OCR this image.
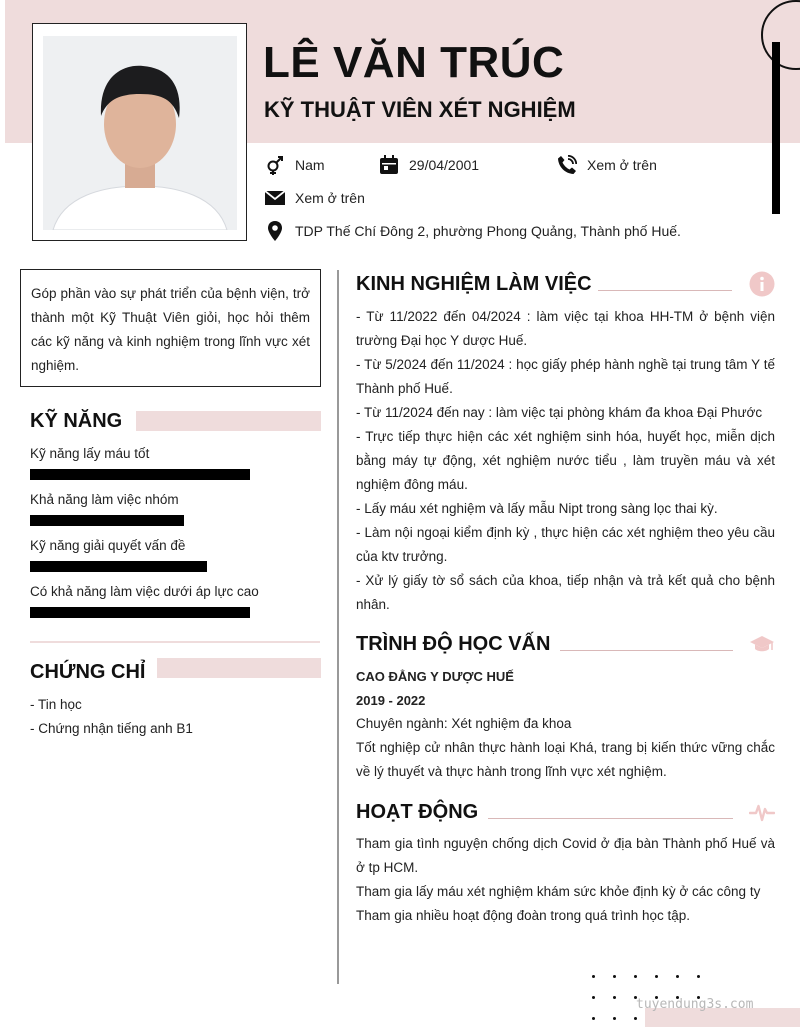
LÊ VĂN TRÚC
KỸ THUẬT VIÊN XÉT NGHIỆM
Nam	29/04/2001	Xem ở trên
Xem ở trên
TDP Thế Chí Đông 2, phường Phong Quảng, Thành phố Huế.
Góp phần vào sự phát triển của bệnh viện, trở thành một Kỹ Thuật Viên giỏi, học hỏi thêm các kỹ năng và kinh nghiệm trong lĩnh vực xét nghiệm.
KỸ NĂNG
Kỹ năng lấy máu tốt
Khả năng làm việc nhóm
Kỹ năng giải quyết vấn đề
Có khả năng làm việc dưới áp lực cao
CHỨNG CHỈ
- Tin học
- Chứng nhận tiếng anh B1
KINH NGHIỆM LÀM VIỆC

- Từ 11/2022 đến 04/2024 : làm việc tại khoa HH-TM ở bệnh viện trường Đại học Y dược Huế.

- Từ 5/2024 đến 11/2024 : học giấy phép hành nghề tại trung tâm Y tế Thành phố Huế.

- Từ 11/2024 đến nay : làm việc tại phòng khám đa khoa Đại Phước

- Trực tiếp thực hiện các xét nghiệm sinh hóa, huyết học, miễn dịch bằng máy tự động, xét nghiệm nước tiểu , làm truyền máu và xét nghiệm đông máu.

- Lấy máu xét nghiệm và lấy mẫu Nipt trong sàng lọc thai kỳ.

- Làm nội ngoại kiểm định kỳ , thực hiện các xét nghiệm theo yêu cầu của ktv trưởng.

- Xử lý giấy tờ sổ sách của khoa, tiếp nhận và trả kết quả cho bệnh nhân.

TRÌNH ĐỘ HỌC VẤN
CAO ĐẲNG Y DƯỢC HUẾ
2019 - 2022
Chuyên ngành: Xét nghiệm đa khoa
Tốt nghiệp cử nhân thực hành loại Khá, trang bị kiến thức vững chắc về lý thuyết và thực hành trong lĩnh vực xét nghiệm.
HOẠT ĐỘNG

Tham gia tình nguyện chống dịch Covid ở địa bàn Thành phố Huế và ở tp HCM.

Tham gia lấy máu xét nghiệm khám sức khỏe định kỳ ở các công ty

Tham gia nhiều hoạt động đoàn trong quá trình học tập.

tuyendung3s.com
